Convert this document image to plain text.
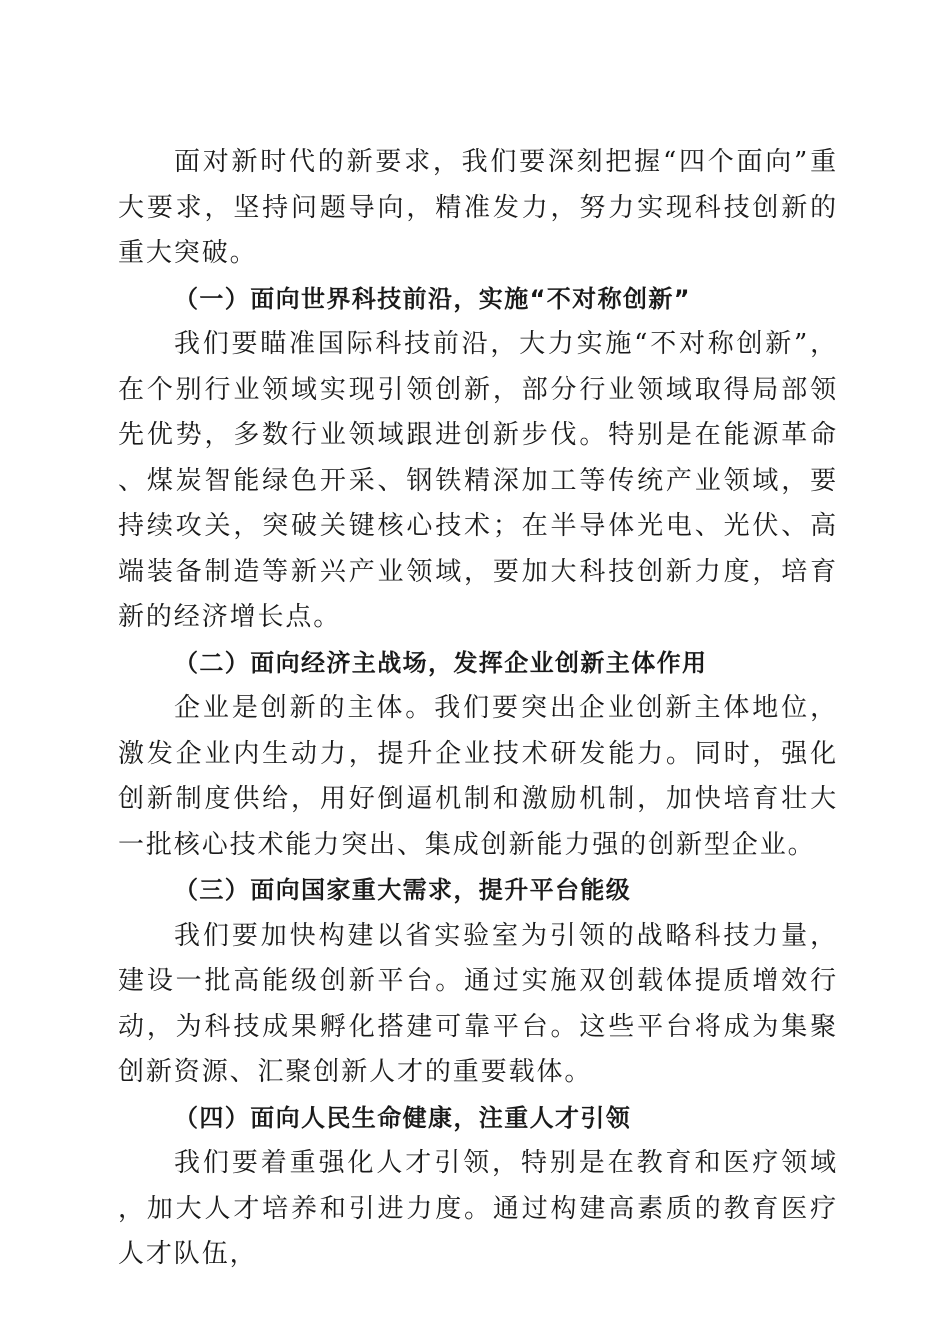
面对新时代的新要求，我们要深刻把握“四个面向”重大要求，坚持问题导向，精准发力，努力实现科技创新的重大突破。

（一）面向世界科技前沿，实施“不对称创新”

我们要瞄准国际科技前沿，大力实施“不对称创新”，在个别行业领域实现引领创新，部分行业领域取得局部领先优势，多数行业领域跟进创新步伐。特别是在能源革命、煤炭智能绿色开采、钢铁精深加工等传统产业领域，要持续攻关，突破关键核心技术；在半导体光电、光伏、高端装备制造等新兴产业领域，要加大科技创新力度，培育新的经济增长点。

（二）面向经济主战场，发挥企业创新主体作用

企业是创新的主体。我们要突出企业创新主体地位，激发企业内生动力，提升企业技术研发能力。同时，强化创新制度供给，用好倒逼机制和激励机制，加快培育壮大一批核心技术能力突出、集成创新能力强的创新型企业。

（三）面向国家重大需求，提升平台能级

我们要加快构建以省实验室为引领的战略科技力量，建设一批高能级创新平台。通过实施双创载体提质增效行动，为科技成果孵化搭建可靠平台。这些平台将成为集聚创新资源、汇聚创新人才的重要载体。

（四）面向人民生命健康，注重人才引领

我们要着重强化人才引领，特别是在教育和医疗领域，加大人才培养和引进力度。通过构建高素质的教育医疗人才队伍，
